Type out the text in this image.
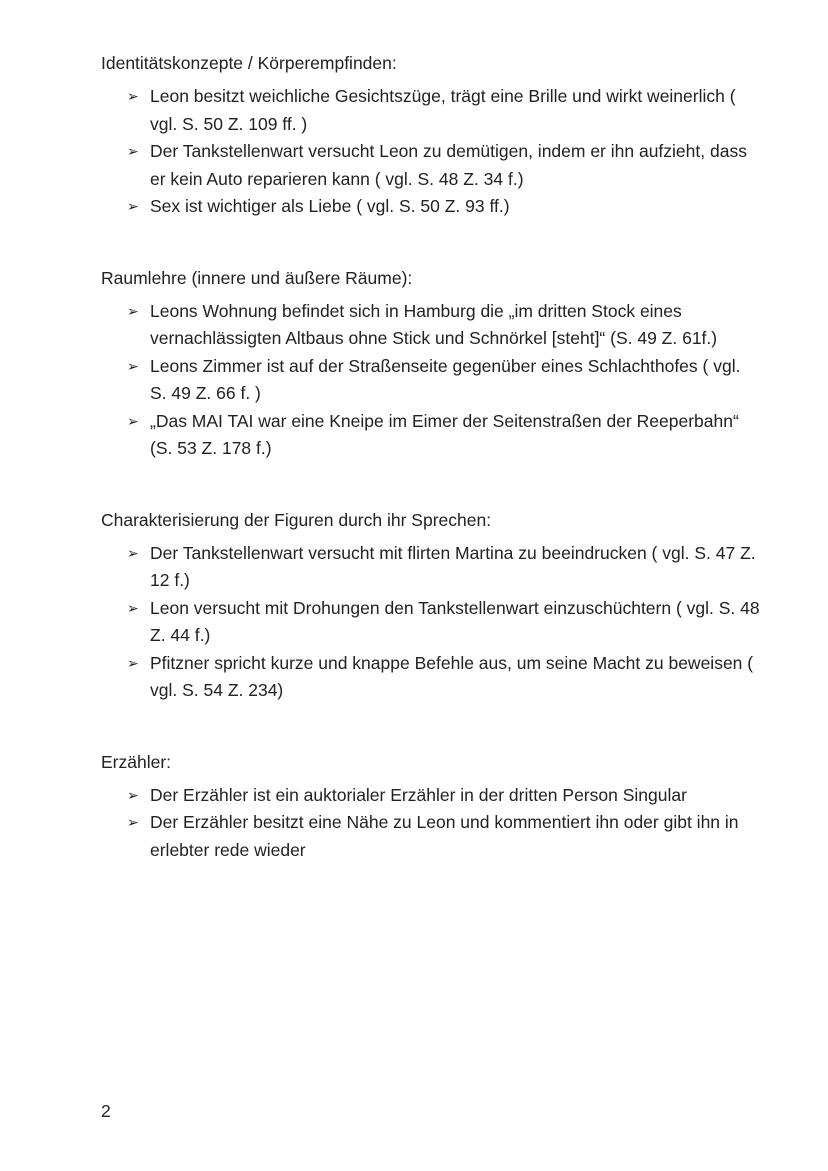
Identitätskonzepte / Körperempfinden:

➢ Leon besitzt weichliche Gesichtszüge, trägt eine Brille und wirkt weinerlich ( vgl. S. 50 Z. 109 ff. )
➢ Der Tankstellenwart versucht Leon zu demütigen, indem er ihn aufzieht, dass er kein Auto reparieren kann ( vgl. S. 48 Z. 34 f.)
➢ Sex ist wichtiger als Liebe ( vgl. S. 50 Z. 93 ff.)

Raumlehre (innere und äußere Räume):

➢ Leons Wohnung befindet sich in Hamburg die „im dritten Stock eines vernachlässigten Altbaus ohne Stick und Schnörkel [steht]“ (S. 49 Z. 61f.)
➢ Leons Zimmer ist auf der Straßenseite gegenüber eines Schlachthofes ( vgl. S. 49 Z. 66 f. )
➢ „Das MAI TAI war eine Kneipe im Eimer der Seitenstraßen der Reeperbahn“ (S. 53 Z. 178 f.)

Charakterisierung der Figuren durch ihr Sprechen:

➢ Der Tankstellenwart versucht mit flirten Martina zu beeindrucken ( vgl. S. 47 Z. 12 f.)
➢ Leon versucht mit Drohungen den Tankstellenwart einzuschüchtern ( vgl. S. 48 Z. 44 f.)
➢ Pfitzner spricht kurze und knappe Befehle aus, um seine Macht zu beweisen ( vgl. S. 54 Z. 234)

Erzähler:

➢ Der Erzähler ist ein auktorialer Erzähler in der dritten Person Singular
➢ Der Erzähler besitzt eine Nähe zu Leon und kommentiert ihn oder gibt ihn in erlebter rede wieder
2
